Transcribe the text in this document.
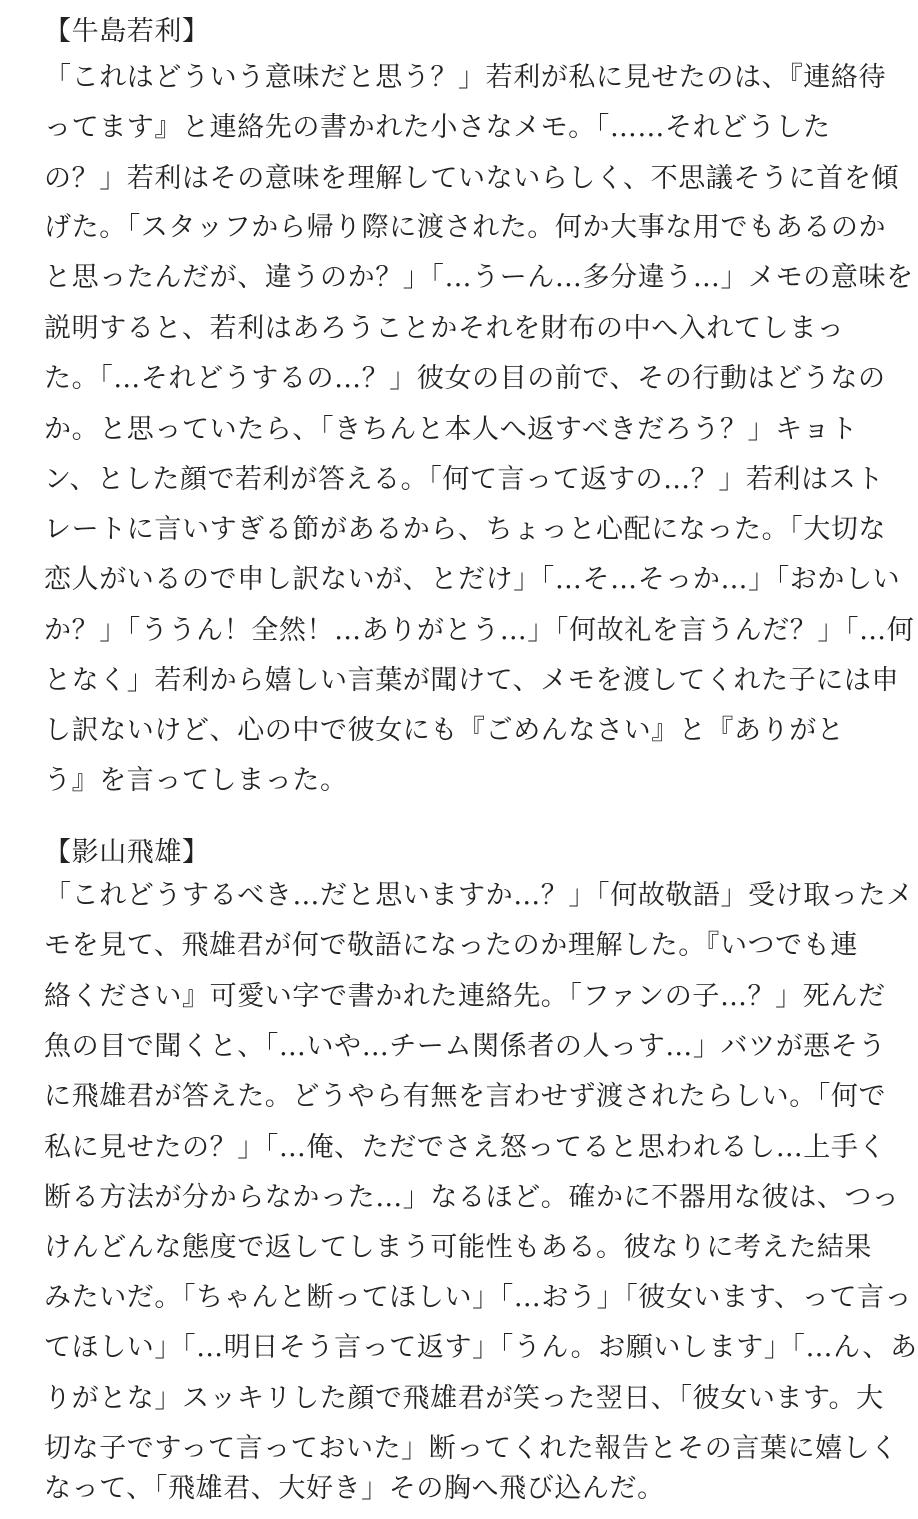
【牛島若利】
「これはどういう意味だと思う？」若利が私に見せたのは、『連絡待
ってます』と連絡先の書かれた小さなメモ。「……それどうした
の？」若利はその意味を理解していないらしく、不思議そうに首を傾
げた。「スタッフから帰り際に渡された。何か大事な用でもあるのか
と思ったんだが、違うのか？」「…うーん…多分違う…」メモの意味を
説明すると、若利はあろうことかそれを財布の中へ入れてしまっ
た。「…それどうするの…？」彼女の目の前で、その行動はどうなの
か。と思っていたら、「きちんと本人へ返すべきだろう？」キョト
ン、とした顔で若利が答える。「何て言って返すの…？」若利はスト
レートに言いすぎる節があるから、ちょっと心配になった。「大切な
恋人がいるので申し訳ないが、とだけ」「…そ…そっか…」「おかしい
か？」「ううん！全然！…ありがとう…」「何故礼を言うんだ？」「…何
となく」若利から嬉しい言葉が聞けて、メモを渡してくれた子には申
し訳ないけど、心の中で彼女にも『ごめんなさい』と『ありがと
う』を言ってしまった。
【影山飛雄】
「これどうするべき…だと思いますか…？」「何故敬語」受け取ったメ
モを見て、飛雄君が何で敬語になったのか理解した。『いつでも連
絡ください』可愛い字で書かれた連絡先。「ファンの子…？」死んだ
魚の目で聞くと、「…いや…チーム関係者の人っす…」バツが悪そう
に飛雄君が答えた。どうやら有無を言わせず渡されたらしい。「何で
私に見せたの？」「…俺、ただでさえ怒ってると思われるし…上手く
断る方法が分からなかった…」なるほど。確かに不器用な彼は、つっ
けんどんな態度で返してしまう可能性もある。彼なりに考えた結果
みたいだ。「ちゃんと断ってほしい」「…おう」「彼女います、って言っ
てほしい」「…明日そう言って返す」「うん。お願いします」「…ん、あ
りがとな」スッキリした顔で飛雄君が笑った翌日、「彼女います。大
切な子ですって言っておいた」断ってくれた報告とその言葉に嬉しく
なって、「飛雄君、大好き」その胸へ飛び込んだ。
